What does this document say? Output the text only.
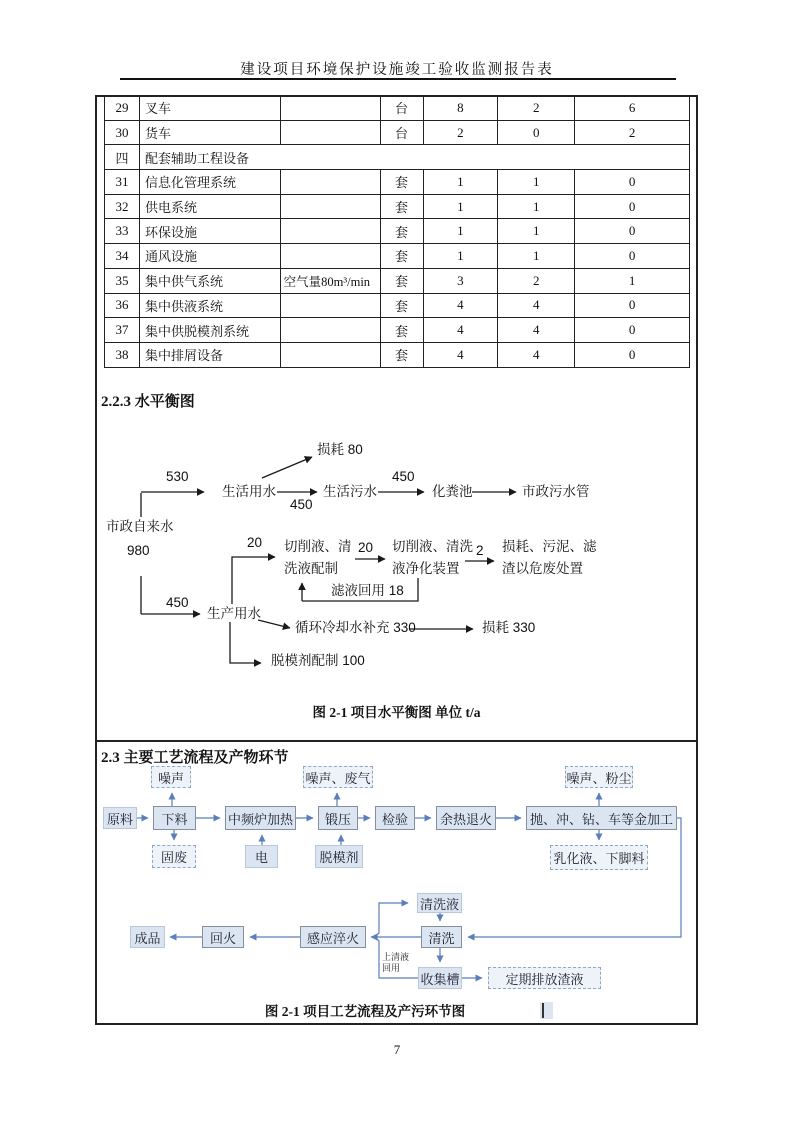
建设项目环境保护设施竣工验收监测报告表
29	叉车		台	8	2	6
30	货车		台	2	0	2
四	配套辅助工程设备					
31	信息化管理系统		套	1	1	0
32	供电系统		套	1	1	0
33	环保设施		套	1	1	0
34	通风设施		套	1	1	0
35	集中供气系统	空气量80m³/min	套	3	2	1
36	集中供液系统		套	4	4	0
37	集中供脱模剂系统		套	4	4	0
38	集中排屑设备		套	4	4	0
2.2.3 水平衡图
市政自来水
980
530
生活用水
损耗 80
450
生活污水
450
化粪池	市政污水管
20 切削液、清
洗液配制
20 切削液、清洗
液净化装置
2 损耗、污泥、滤
渣以危废处置
滤液回用 18
450
生产用水
循环冷却水补充 330	损耗 330
脱模剂配制 100
图 2-1 项目水平衡图 单位 t/a
2.3 主要工艺流程及产物环节
噪声	噪声、废气	噪声、粉尘
原料	下料	中频炉加热	锻压	检验	余热退火	抛、冲、钻、车等金加工
固废	电	脱模剂	乳化液、下脚料
清洗液
成品	回火	感应淬火	清洗
收集槽	定期排放渣液
上清液
回用
图 2-1 项目工艺流程及产污环节图
7
